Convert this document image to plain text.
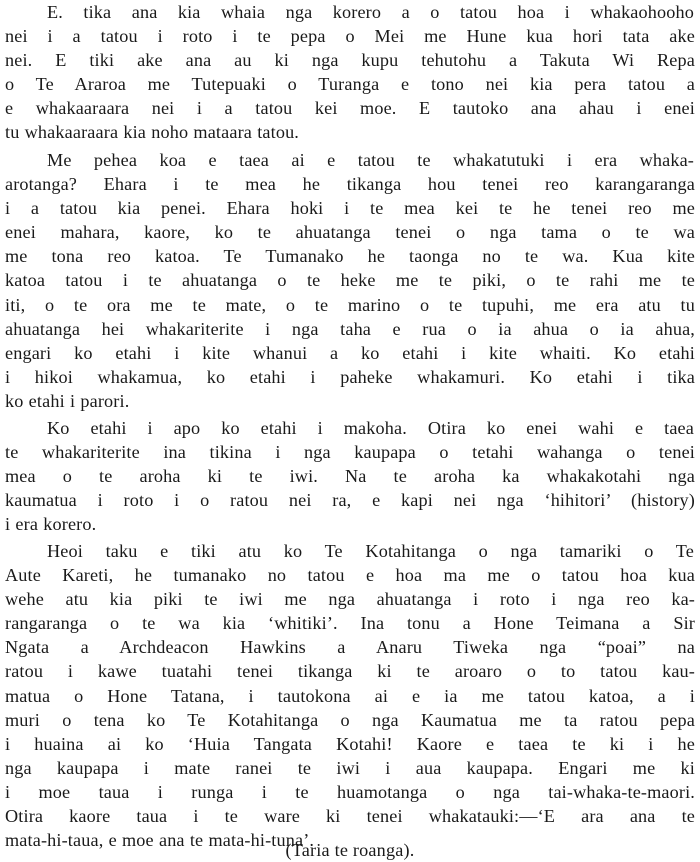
E. tika ana kia whaia nga korero a o tatou hoa i whakaohooho
nei i a tatou i roto i te pepa o Mei me Hune kua hori tata ake
nei. E tiki ake ana au ki nga kupu tehutohu a Takuta Wi Repa
o Te Araroa me Tutepuaki o Turanga e tono nei kia pera tatou a
e whakaaraara nei i a tatou kei moe. E tautoko ana ahau i enei
tu whakaaraara kia noho mataara tatou.
Me pehea koa e taea ai e tatou te whakatutuki i era whaka-
arotanga? Ehara i te mea he tikanga hou tenei reo karangaranga
i a tatou kia penei. Ehara hoki i te mea kei te he tenei reo me
enei mahara, kaore, ko te ahuatanga tenei o nga tama o te wa
me tona reo katoa. Te Tumanako he taonga no te wa. Kua kite
katoa tatou i te ahuatanga o te heke me te piki, o te rahi me te
iti, o te ora me te mate, o te marino o te tupuhi, me era atu tu
ahuatanga hei whakariterite i nga taha e rua o ia ahua o ia ahua,
engari ko etahi i kite whanui a ko etahi i kite whaiti. Ko etahi
i hikoi whakamua, ko etahi i paheke whakamuri. Ko etahi i tika
ko etahi i parori.
Ko etahi i apo ko etahi i makoha. Otira ko enei wahi e taea
te whakariterite ina tikina i nga kaupapa o tetahi wahanga o tenei
mea o te aroha ki te iwi. Na te aroha ka whakakotahi nga
kaumatua i roto i o ratou nei ra, e kapi nei nga ‘hihitori’ (history)
i era korero.
Heoi taku e tiki atu ko Te Kotahitanga o nga tamariki o Te
Aute Kareti, he tumanako no tatou e hoa ma me o tatou hoa kua
wehe atu kia piki te iwi me nga ahuatanga i roto i nga reo ka-
rangaranga o te wa kia ‘whitiki’. Ina tonu a Hone Teimana a Sir
Ngata a Archdeacon Hawkins a Anaru Tiweka nga “poai” na
ratou i kawe tuatahi tenei tikanga ki te aroaro o to tatou kau-
matua o Hone Tatana, i tautokona ai e ia me tatou katoa, a i
muri o tena ko Te Kotahitanga o nga Kaumatua me ta ratou pepa
i huaina ai ko ‘Huia Tangata Kotahi! Kaore e taea te ki i he
nga kaupapa i mate ranei te iwi i aua kaupapa. Engari me ki
i moe taua i runga i te huamotanga o nga tai-whaka-te-maori.
Otira kaore taua i te ware ki tenei whakatauki:—‘E ara ana te
mata-hi-taua, e moe ana te mata-hi-tuna’.
(Taria te roanga).
